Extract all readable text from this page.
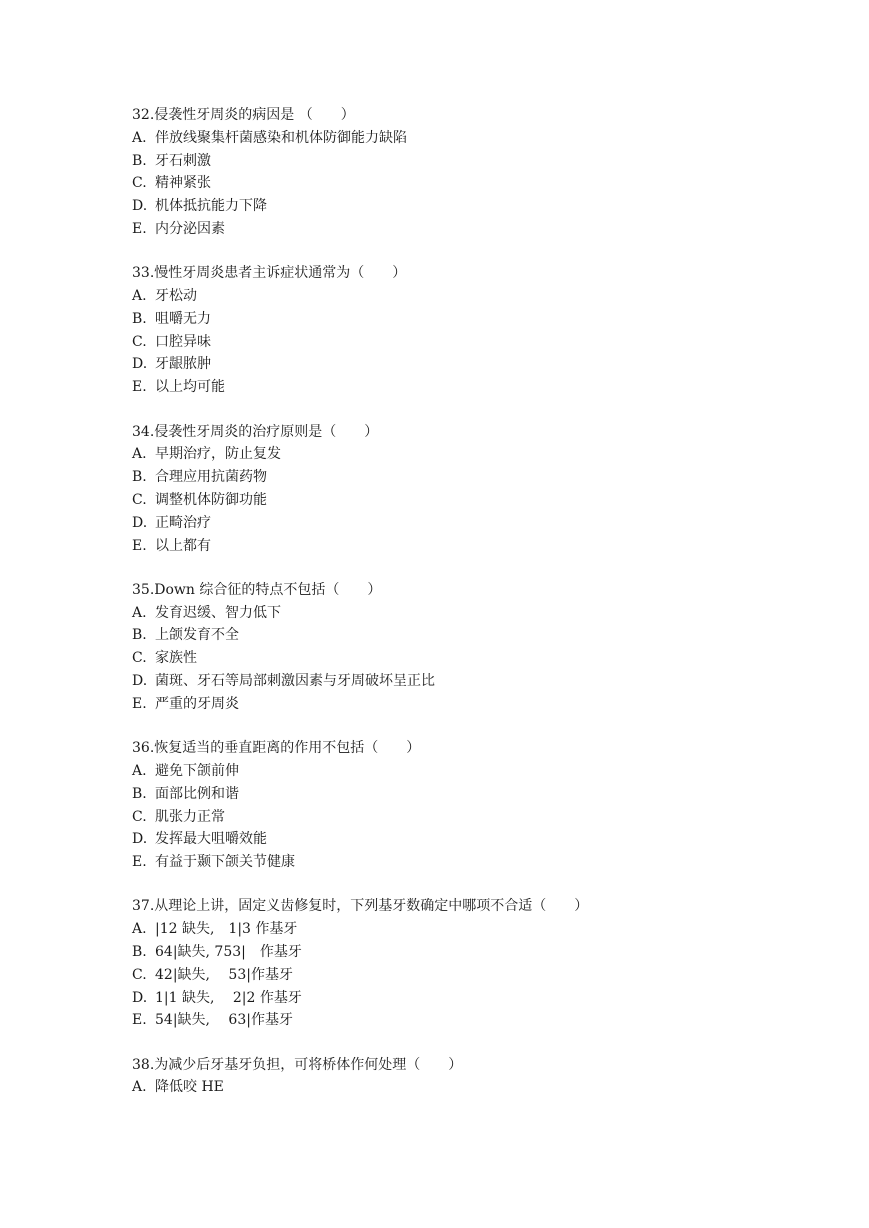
32.侵袭性牙周炎的病因是 （　　）
A. 伴放线聚集杆菌感染和机体防御能力缺陷
B. 牙石刺激
C. 精神紧张
D. 机体抵抗能力下降
E. 内分泌因素
33.慢性牙周炎患者主诉症状通常为（　　）
A. 牙松动
B. 咀嚼无力
C. 口腔异味
D. 牙龈脓肿
E. 以上均可能
34.侵袭性牙周炎的治疗原则是（　　）
A. 早期治疗，防止复发
B. 合理应用抗菌药物
C. 调整机体防御功能
D. 正畸治疗
E. 以上都有
35.Down 综合征的特点不包括（　　）
A. 发育迟缓、智力低下
B. 上颌发育不全
C. 家族性
D. 菌斑、牙石等局部刺激因素与牙周破坏呈正比
E. 严重的牙周炎
36.恢复适当的垂直距离的作用不包括（　　）
A. 避免下颌前伸
B. 面部比例和谐
C. 肌张力正常
D. 发挥最大咀嚼效能
E. 有益于颞下颌关节健康
37.从理论上讲，固定义齿修复时，下列基牙数确定中哪项不合适（　　）
A. |12 缺失,　1|3 作基牙
B. 64|缺失, 753|　作基牙
C. 42|缺失,　 53|作基牙
D. 1|1 缺失,　 2|2 作基牙
E. 54|缺失,　 63|作基牙
38.为减少后牙基牙负担，可将桥体作何处理（　　）
A. 降低咬 HE
